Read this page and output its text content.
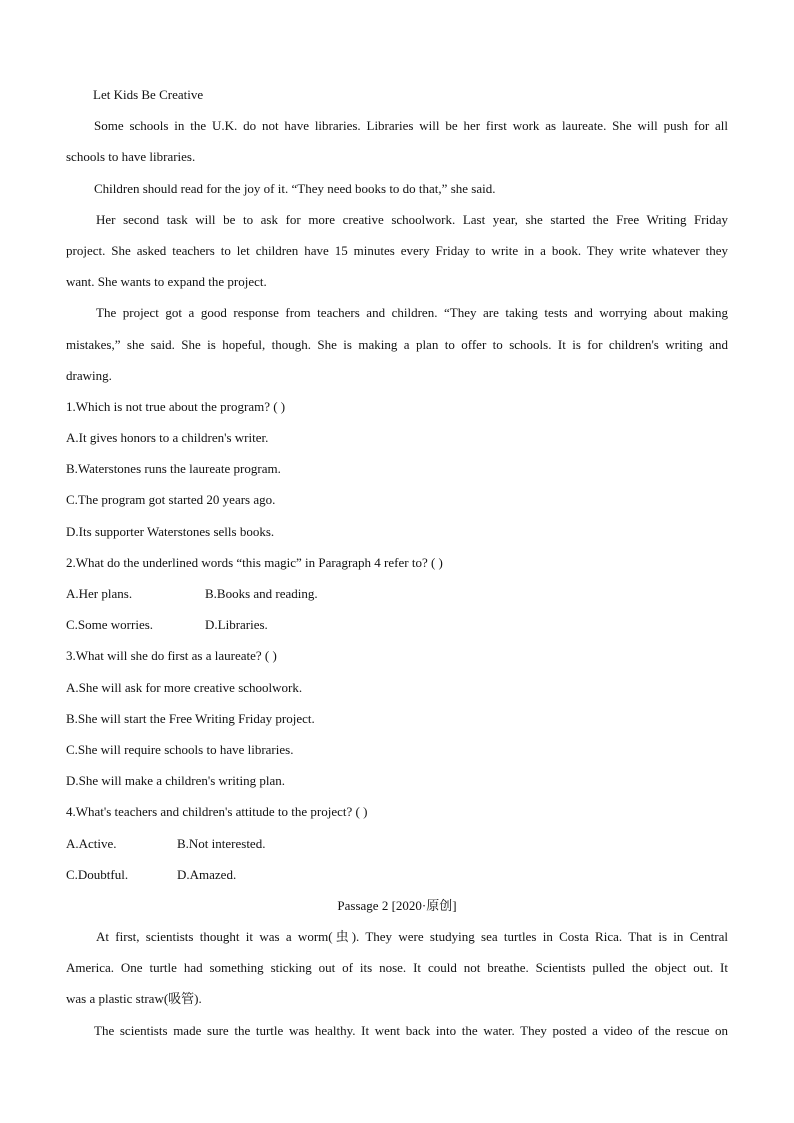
Let Kids Be Creative
Some schools in the U.K. do not have libraries. Libraries will be her first work as laureate. She will push for all
schools to have libraries.
Children should read for the joy of it. “They need books to do that,” she said.
Her second task will be to ask for more creative schoolwork. Last year, she started the Free Writing Friday
project. She asked teachers to let children have 15 minutes every Friday to write in a book. They write whatever they
want. She wants to expand the project.
The project got a good response from teachers and children. “They are taking tests and worrying about making
mistakes,” she said. She is hopeful, though. She is making a plan to offer to schools. It is for children's writing and
drawing.
1.Which is not true about the program? ( )
A.It gives honors to a children's writer.
B.Waterstones runs the laureate program.
C.The program got started 20 years ago.
D.Its supporter Waterstones sells books.
2.What do the underlined words “this magic” in Paragraph 4 refer to? ( )
A.Her plans.	B.Books and reading.
C.Some worries.	D.Libraries.
3.What will she do first as a laureate? ( )
A.She will ask for more creative schoolwork.
B.She will start the Free Writing Friday project.
C.She will require schools to have libraries.
D.She will make a children's writing plan.
4.What's teachers and children's attitude to the project? ( )
A.Active.	B.Not interested.
C.Doubtful.	D.Amazed.
Passage 2 [2020·原创]
At first, scientists thought it was a worm(虫). They were studying sea turtles in Costa Rica. That is in Central
America. One turtle had something sticking out of its nose. It could not breathe. Scientists pulled the object out. It
was a plastic straw(吸管).
The scientists made sure the turtle was healthy. It went back into the water. They posted a video of the rescue on
